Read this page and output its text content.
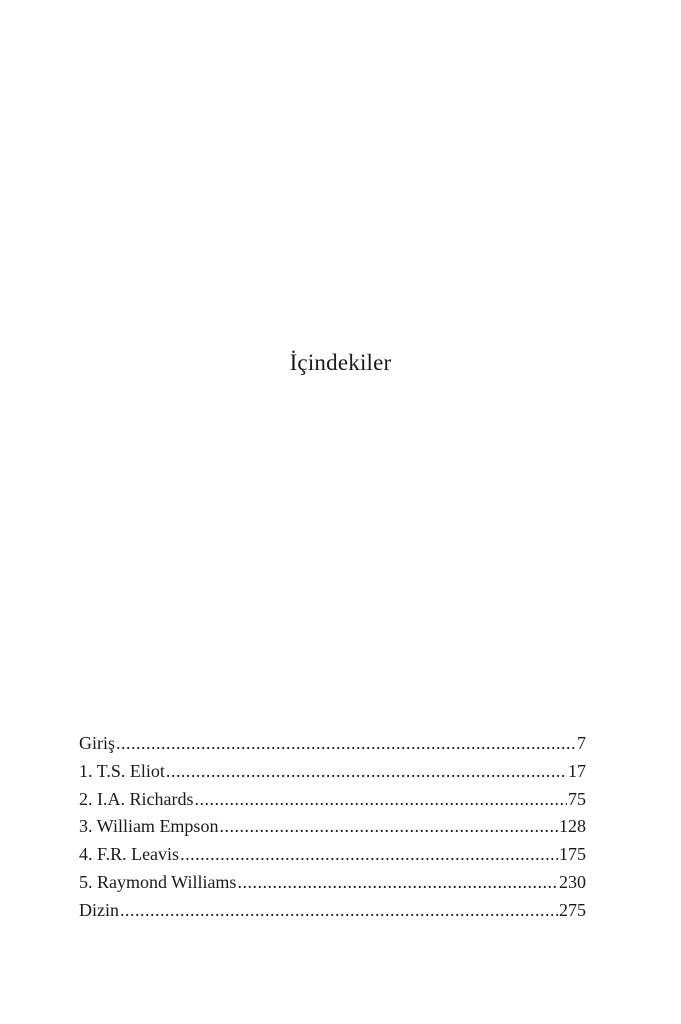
İçindekiler
Giriş .....	7
1. T.S. Eliot .....	17
2. I.A. Richards .....	75
3. William Empson .....	128
4. F.R. Leavis .....	175
5. Raymond Williams .....	230
Dizin .....	275
